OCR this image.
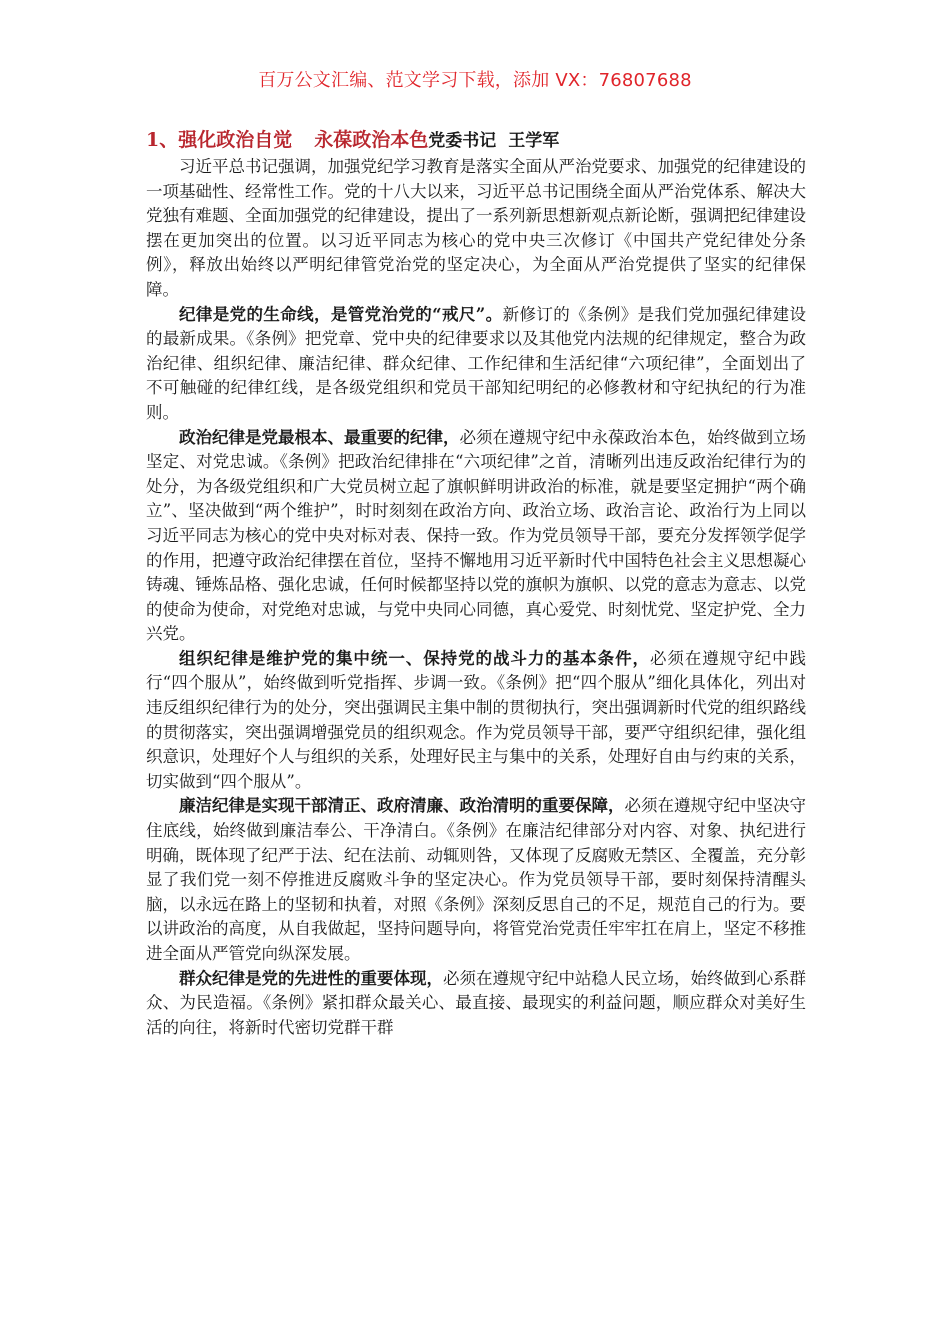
百万公文汇编、范文学习下载，添加 VX：76807688
1、强化政治自觉 永葆政治本色党委书记 王学军

习近平总书记强调，加强党纪学习教育是落实全面从严治党要求、加强党的纪律建设的一项基础性、经常性工作。党的十八大以来，习近平总书记围绕全面从严治党体系、解决大党独有难题、全面加强党的纪律建设，提出了一系列新思想新观点新论断，强调把纪律建设摆在更加突出的位置。以习近平同志为核心的党中央三次修订《中国共产党纪律处分条例》，释放出始终以严明纪律管党治党的坚定决心，为全面从严治党提供了坚实的纪律保障。

纪律是党的生命线，是管党治党的“戒尺”。新修订的《条例》是我们党加强纪律建设的最新成果。《条例》把党章、党中央的纪律要求以及其他党内法规的纪律规定，整合为政治纪律、组织纪律、廉洁纪律、群众纪律、工作纪律和生活纪律“六项纪律”，全面划出了不可触碰的纪律红线，是各级党组织和党员干部知纪明纪的必修教材和守纪执纪的行为准则。

政治纪律是党最根本、最重要的纪律，必须在遵规守纪中永葆政治本色，始终做到立场坚定、对党忠诚。《条例》把政治纪律排在“六项纪律”之首，清晰列出违反政治纪律行为的处分，为各级党组织和广大党员树立起了旗帜鲜明讲政治的标准，就是要坚定拥护“两个确立”、坚决做到“两个维护”，时时刻刻在政治方向、政治立场、政治言论、政治行为上同以习近平同志为核心的党中央对标对表、保持一致。作为党员领导干部，要充分发挥领学促学的作用，把遵守政治纪律摆在首位，坚持不懈地用习近平新时代中国特色社会主义思想凝心铸魂、锤炼品格、强化忠诚，任何时候都坚持以党的旗帜为旗帜、以党的意志为意志、以党的使命为使命，对党绝对忠诚，与党中央同心同德，真心爱党、时刻忧党、坚定护党、全力兴党。

组织纪律是维护党的集中统一、保持党的战斗力的基本条件，必须在遵规守纪中践行“四个服从”，始终做到听党指挥、步调一致。《条例》把“四个服从”细化具体化，列出对违反组织纪律行为的处分，突出强调民主集中制的贯彻执行，突出强调新时代党的组织路线的贯彻落实，突出强调增强党员的组织观念。作为党员领导干部，要严守组织纪律，强化组织意识，处理好个人与组织的关系，处理好民主与集中的关系，处理好自由与约束的关系，切实做到“四个服从”。

廉洁纪律是实现干部清正、政府清廉、政治清明的重要保障，必须在遵规守纪中坚决守住底线，始终做到廉洁奉公、干净清白。《条例》在廉洁纪律部分对内容、对象、执纪进行明确，既体现了纪严于法、纪在法前、动辄则咎，又体现了反腐败无禁区、全覆盖，充分彰显了我们党一刻不停推进反腐败斗争的坚定决心。作为党员领导干部，要时刻保持清醒头脑，以永远在路上的坚韧和执着，对照《条例》深刻反思自己的不足，规范自己的行为。要以讲政治的高度，从自我做起，坚持问题导向，将管党治党责任牢牢扛在肩上，坚定不移推进全面从严管党向纵深发展。

群众纪律是党的先进性的重要体现，必须在遵规守纪中站稳人民立场，始终做到心系群众、为民造福。《条例》紧扣群众最关心、最直接、最现实的利益问题，顺应群众对美好生活的向往，将新时代密切党群干群
